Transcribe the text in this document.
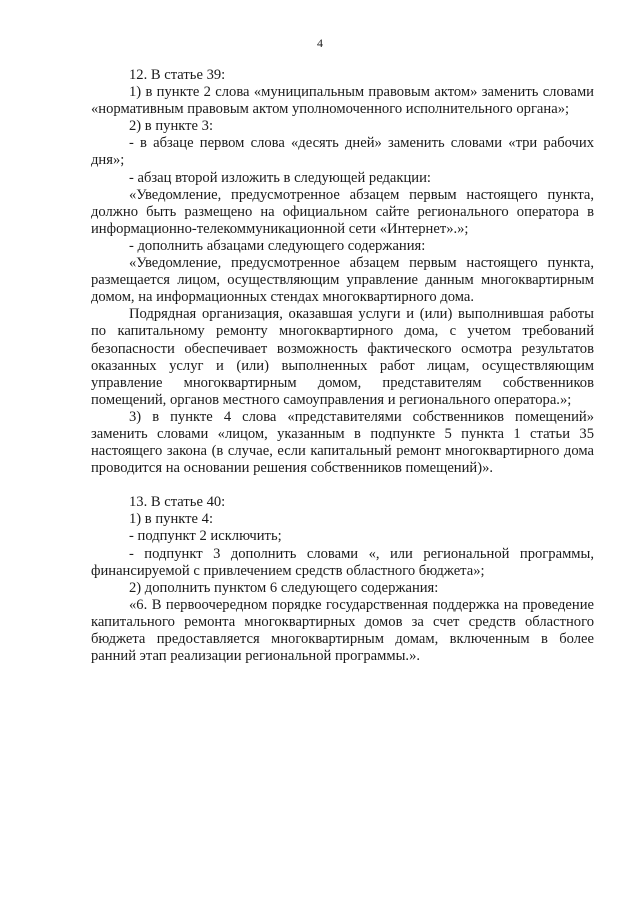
4

12. В статье 39:

1) в пункте 2 слова «муниципальным правовым актом» заменить словами «нормативным правовым актом уполномоченного исполнительного органа»;

2) в пункте 3:

- в абзаце первом слова «десять дней» заменить словами «три рабочих дня»;

- абзац второй изложить в следующей редакции:

«Уведомление, предусмотренное абзацем первым настоящего пункта, должно быть размещено на официальном сайте регионального оператора в информационно-телекоммуникационной сети «Интернет».»;

- дополнить абзацами следующего содержания:

«Уведомление, предусмотренное абзацем первым настоящего пункта, размещается лицом, осуществляющим управление данным многоквартирным домом, на информационных стендах многоквартирного дома.

Подрядная организация, оказавшая услуги и (или) выполнившая работы по капитальному ремонту многоквартирного дома, с учетом требований безопасности обеспечивает возможность фактического осмотра результатов оказанных услуг и (или) выполненных работ лицам, осуществляющим управление многоквартирным домом, представителям собственников помещений, органов местного самоуправления и регионального оператора.»;

3) в пункте 4 слова «представителями собственников помещений» заменить словами «лицом, указанным в подпункте 5 пункта 1 статьи 35 настоящего закона (в случае, если капитальный ремонт многоквартирного дома проводится на основании решения собственников помещений)».

13. В статье 40:

1) в пункте 4:

- подпункт 2 исключить;

- подпункт 3 дополнить словами «, или региональной программы, финансируемой с привлечением средств областного бюджета»;

2) дополнить пунктом 6 следующего содержания:

«6. В первоочередном порядке государственная поддержка на проведение капитального ремонта многоквартирных домов за счет средств областного бюджета предоставляется многоквартирным домам, включенным в более ранний этап реализации региональной программы.».
